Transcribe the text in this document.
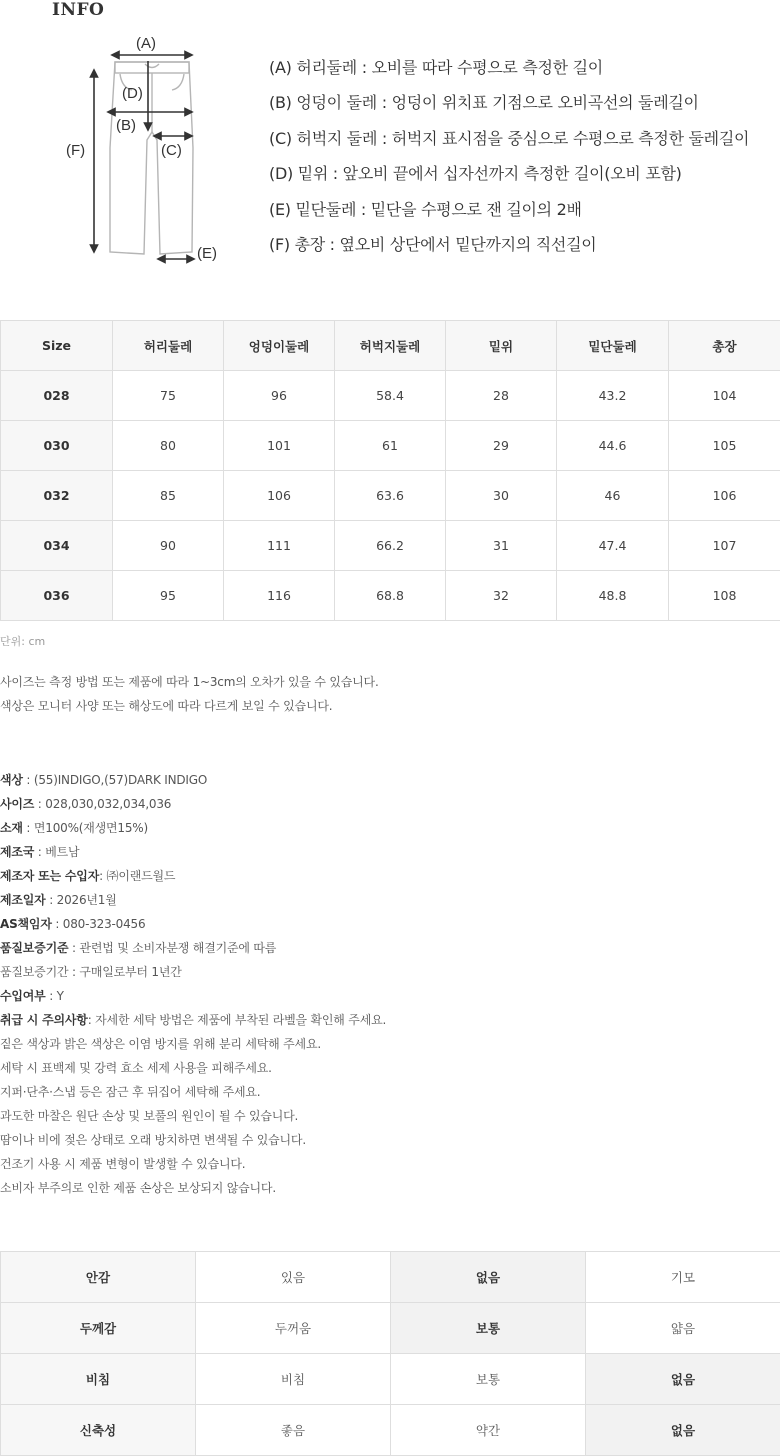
INFO
(A)
(D)
(B)
(C)
(E)
(F)
(A) 허리둘레 : 오비를 따라 수평으로 측정한 길이
(B) 엉덩이 둘레 : 엉덩이 위치표 기점으로 오비곡선의 둘레길이
(C) 허벅지 둘레 : 허벅지 표시점을 중심으로 수평으로 측정한 둘레길이
(D) 밑위 : 앞오비 끝에서 십자선까지 측정한 길이(오비 포함)
(E) 밑단둘레 : 밑단을 수평으로 잰 길이의 2배
(F) 총장 : 옆오비 상단에서 밑단까지의 직선길이
Size	허리둘레	엉덩이둘레	허벅지둘레	밑위	밑단둘레	총장
028	75	96	58.4	28	43.2	104
030	80	101	61	29	44.6	105
032	85	106	63.6	30	46	106
034	90	111	66.2	31	47.4	107
036	95	116	68.8	32	48.8	108
단위: cm

사이즈는 측정 방법 또는 제품에 따라 1~3cm의 오차가 있을 수 있습니다.

색상은 모니터 사양 또는 해상도에 따라 다르게 보일 수 있습니다.

색상 : (55)INDIGO,(57)DARK INDIGO

사이즈 : 028,030,032,034,036

소재 : 면100%(재생면15%)

제조국 : 베트남

제조자 또는 수입자: ㈜이랜드월드

제조일자 : 2026년1월

AS책임자 : 080-323-0456

품질보증기준 : 관련법 및 소비자분쟁 해결기준에 따름

품질보증기간 : 구매일로부터 1년간

수입여부 : Y

취급 시 주의사항: 자세한 세탁 방법은 제품에 부착된 라벨을 확인해 주세요.

짙은 색상과 밝은 색상은 이염 방지를 위해 분리 세탁해 주세요.

세탁 시 표백제 및 강력 효소 세제 사용을 피해주세요.

지퍼·단추·스냅 등은 잠근 후 뒤집어 세탁해 주세요.

과도한 마찰은 원단 손상 및 보풀의 원인이 될 수 있습니다.

땀이나 비에 젖은 상태로 오래 방치하면 변색될 수 있습니다.

건조기 사용 시 제품 변형이 발생할 수 있습니다.

소비자 부주의로 인한 제품 손상은 보상되지 않습니다.

안감	있음	없음	기모
두께감	두꺼움	보통	얇음
비침	비침	보통	없음
신축성	좋음	약간	없음
